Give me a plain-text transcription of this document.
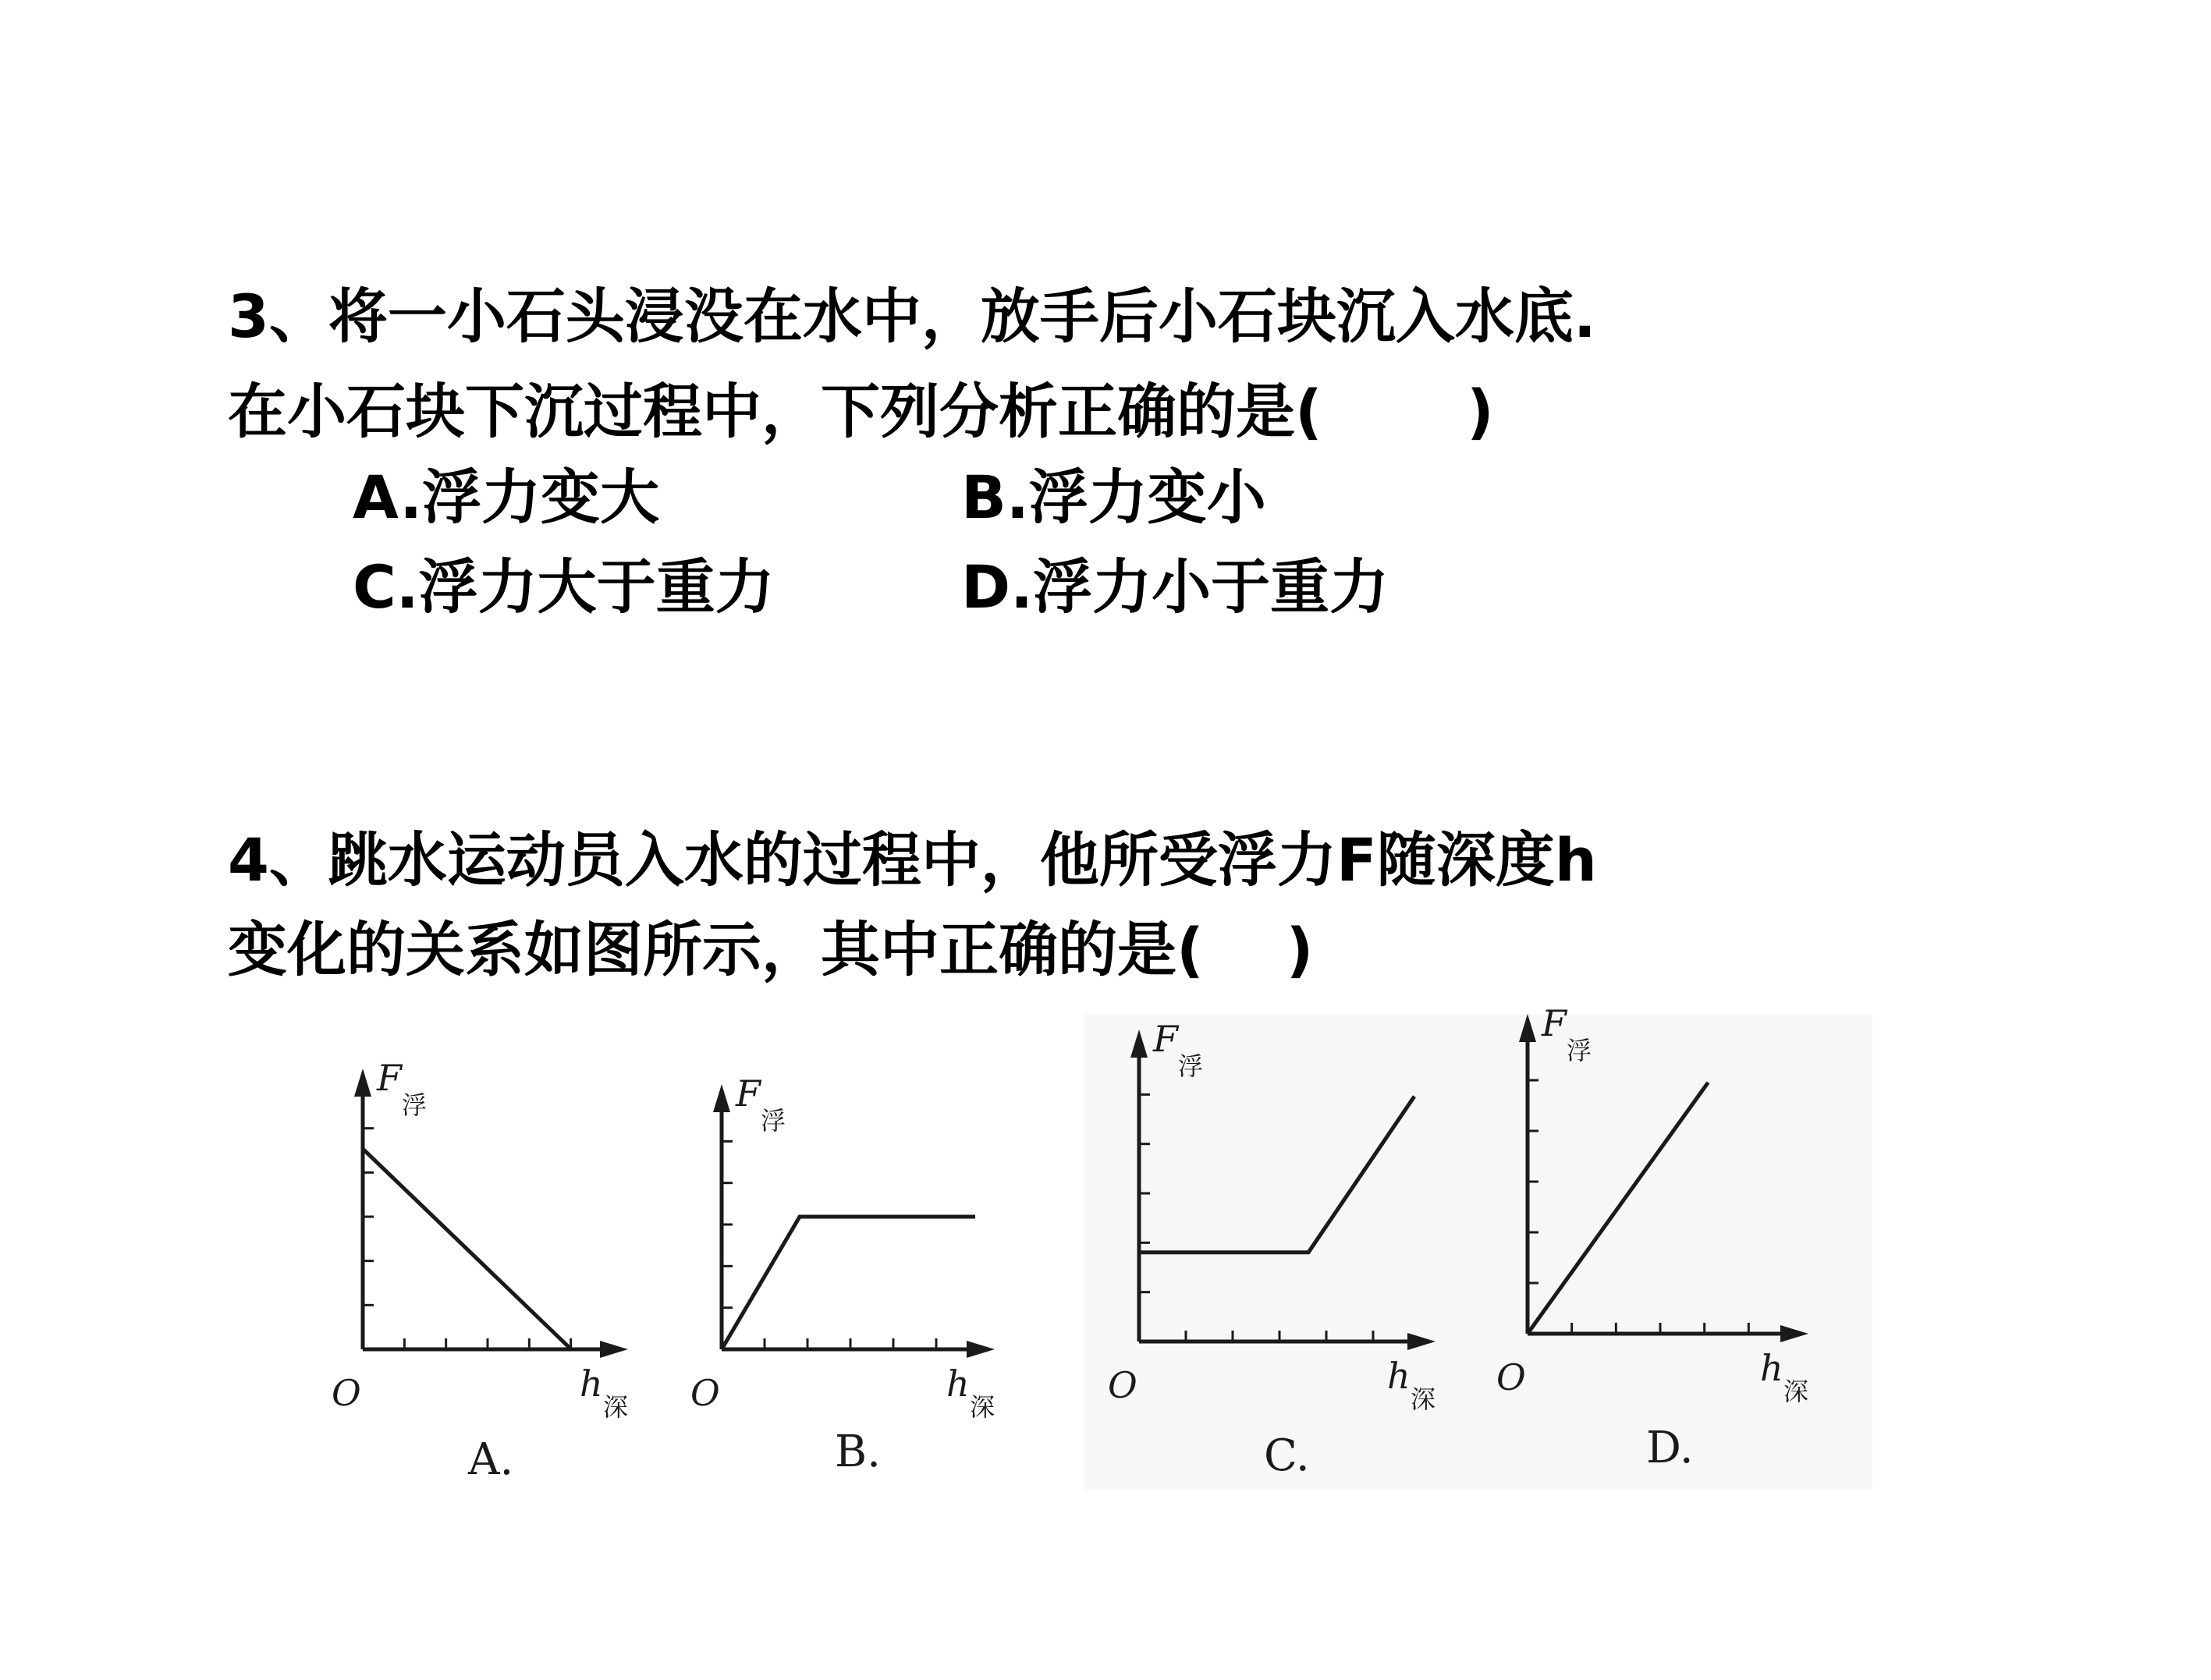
3、将一小石头浸没在水中，放手后小石块沉入水底.
在小石块下沉过程中，下列分析正确的是(       )
A.浮力变大	B.浮力变小
C.浮力大于重力	D.浮力小于重力
4、跳水运动员入水的过程中，他所受浮力F随深度h
变化的关系如图所示，其中正确的是(    )
F
浮
O	h
深
A.
F
浮
O	h
深
B.
F
浮
O	h
深
C.
F
浮
O	h
深
D.
